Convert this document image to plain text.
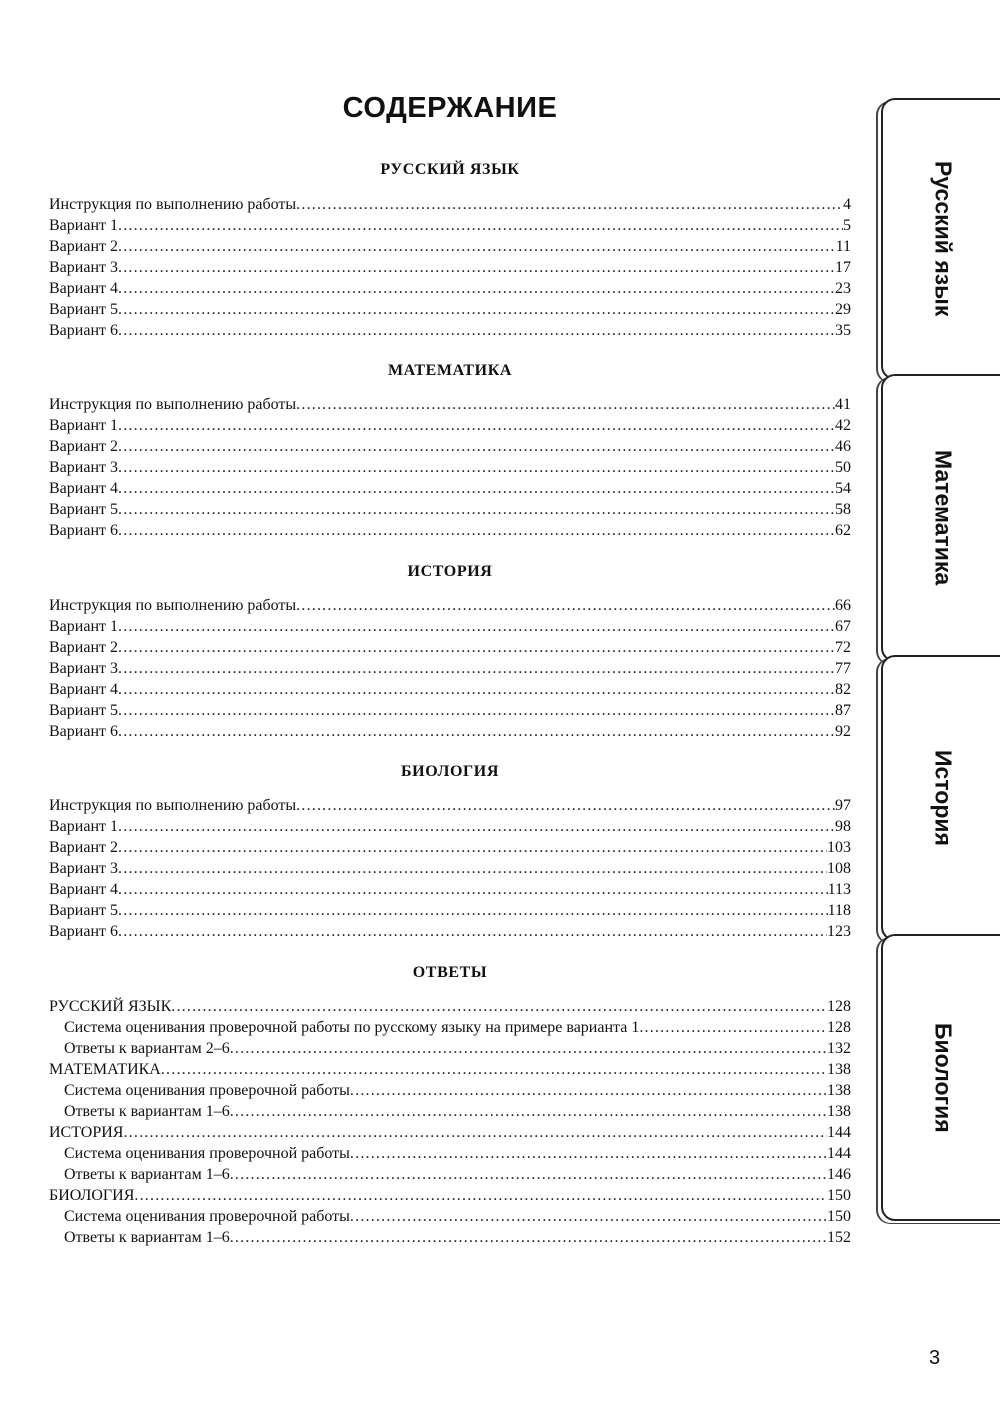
СОДЕРЖАНИЕ
РУССКИЙ ЯЗЫК
МАТЕМАТИКА
ИСТОРИЯ
БИОЛОГИЯ
ОТВЕТЫ
Инструкция по выполнению работы .....	4
Вариант 1 .....	5
Вариант 2 .....	11
Вариант 3 .....	17
Вариант 4 .....	23
Вариант 5 .....	29
Вариант 6 .....	35
Инструкция по выполнению работы .....	41
Вариант 1 .....	42
Вариант 2 .....	46
Вариант 3 .....	50
Вариант 4 .....	54
Вариант 5 .....	58
Вариант 6 .....	62
Инструкция по выполнению работы .....	66
Вариант 1 .....	67
Вариант 2 .....	72
Вариант 3 .....	77
Вариант 4 .....	82
Вариант 5 .....	87
Вариант 6 .....	92
Инструкция по выполнению работы .....	97
Вариант 1 .....	98
Вариант 2 .....	103
Вариант 3 .....	108
Вариант 4 .....	113
Вариант 5 .....	118
Вариант 6 .....	123
РУССКИЙ ЯЗЫК .....	128
Система оценивания проверочной работы по русскому языку на примере варианта 1 .....	128
Ответы к вариантам 2–6 .....	132
МАТЕМАТИКА .....	138
Система оценивания проверочной работы .....	138
Ответы к вариантам 1–6 .....	138
ИСТОРИЯ .....	144
Система оценивания проверочной работы .....	144
Ответы к вариантам 1–6 .....	146
БИОЛОГИЯ .....	150
Система оценивания проверочной работы .....	150
Ответы к вариантам 1–6 .....	152
Русский язык
Математика
История
Биология
3
